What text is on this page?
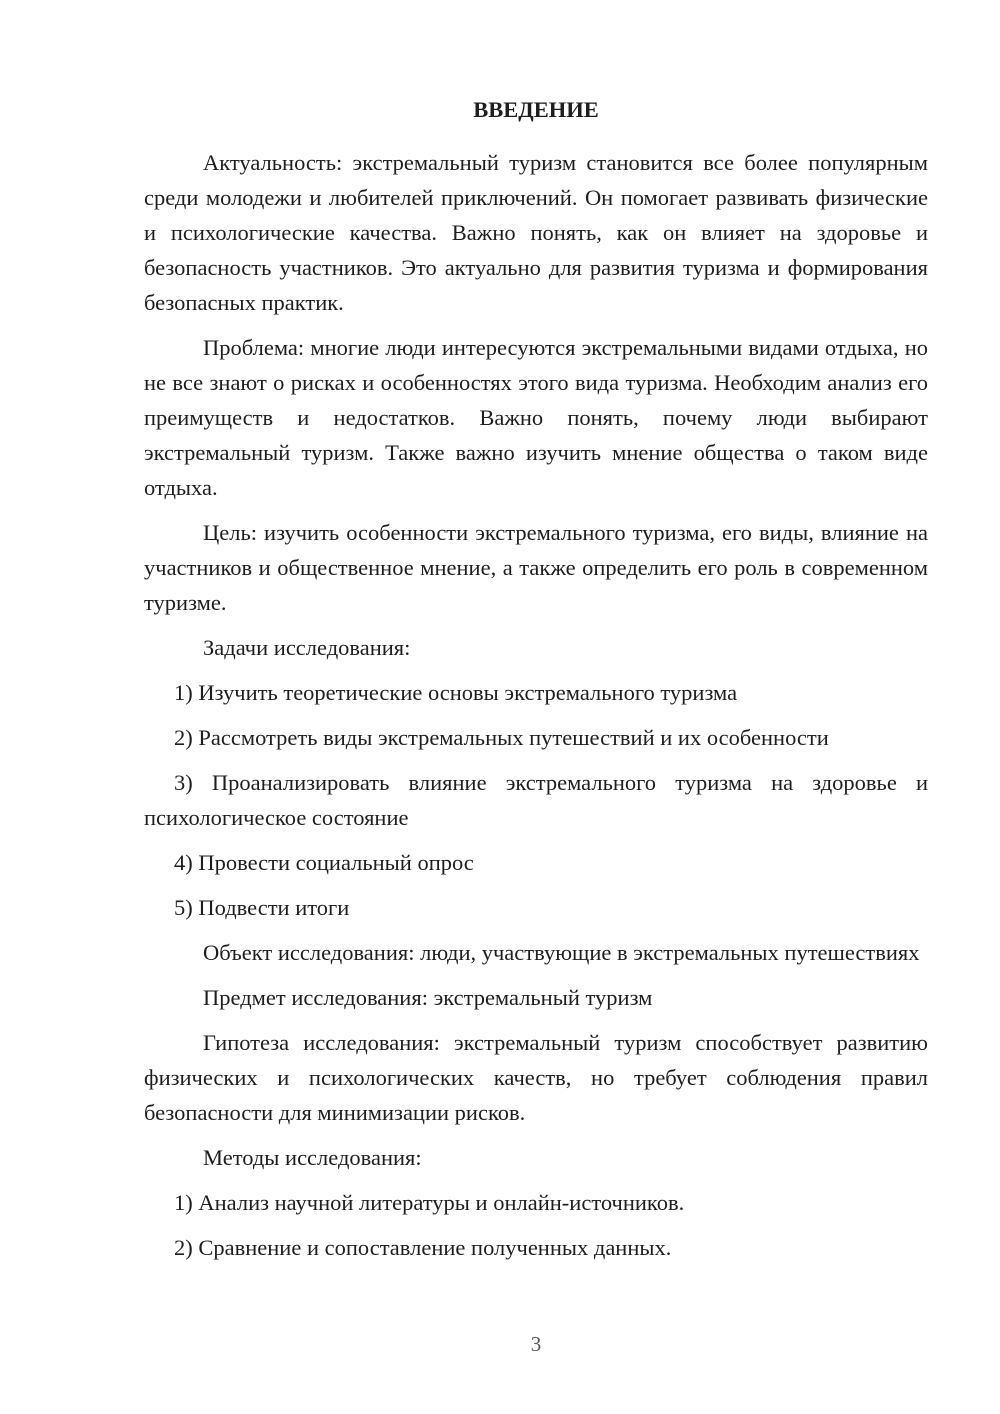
ВВЕДЕНИЕ

Актуальность: экстремальный туризм становится все более популярным среди молодежи и любителей приключений. Он помогает развивать физические и психологические качества. Важно понять, как он влияет на здоровье и безопасность участников. Это актуально для развития туризма и формирования безопасных практик.

Проблема: многие люди интересуются экстремальными видами отдыха, но не все знают о рисках и особенностях этого вида туризма. Необходим анализ его преимуществ и недостатков. Важно понять, почему люди выбирают экстремальный туризм. Также важно изучить мнение общества о таком виде отдыха.

Цель: изучить особенности экстремального туризма, его виды, влияние на участников и общественное мнение, а также определить его роль в современном туризме.

Задачи исследования:

1) Изучить теоретические основы экстремального туризма

2) Рассмотреть виды экстремальных путешествий и их особенности

3) Проанализировать влияние экстремального туризма на здоровье и психологическое состояние

4) Провести социальный опрос

5) Подвести итоги

Объект исследования: люди, участвующие в экстремальных путешествиях

Предмет исследования: экстремальный туризм

Гипотеза исследования: экстремальный туризм способствует развитию физических и психологических качеств, но требует соблюдения правил безопасности для минимизации рисков.

Методы исследования:

1) Анализ научной литературы и онлайн-источников.

2) Сравнение и сопоставление полученных данных.

3
